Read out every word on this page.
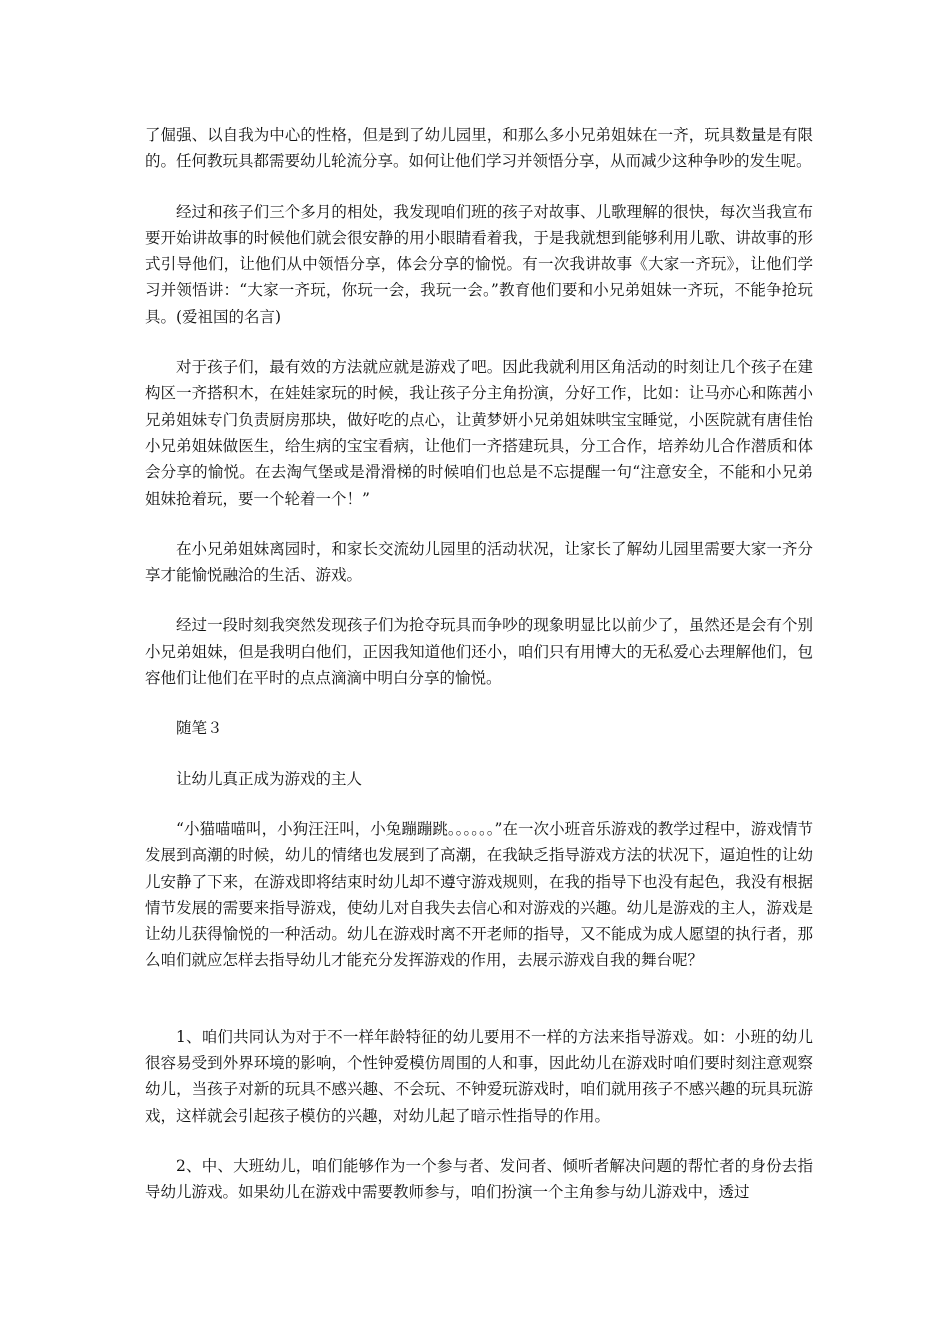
了倔强、以自我为中心的性格，但是到了幼儿园里，和那么多小兄弟姐妹在一齐，玩具数量是有限的。任何教玩具都需要幼儿轮流分享。如何让他们学习并领悟分享，从而减少这种争吵的发生呢。

经过和孩子们三个多月的相处，我发现咱们班的孩子对故事、儿歌理解的很快，每次当我宣布要开始讲故事的时候他们就会很安静的用小眼睛看着我，于是我就想到能够利用儿歌、讲故事的形式引导他们，让他们从中领悟分享，体会分享的愉悦。有一次我讲故事《大家一齐玩》，让他们学习并领悟讲：“大家一齐玩，你玩一会，我玩一会。”教育他们要和小兄弟姐妹一齐玩，不能争抢玩具。(爱祖国的名言)

对于孩子们，最有效的方法就应就是游戏了吧。因此我就利用区角活动的时刻让几个孩子在建构区一齐搭积木，在娃娃家玩的时候，我让孩子分主角扮演，分好工作，比如：让马亦心和陈茜小兄弟姐妹专门负责厨房那块，做好吃的点心，让黄梦妍小兄弟姐妹哄宝宝睡觉，小医院就有唐佳怡小兄弟姐妹做医生，给生病的宝宝看病，让他们一齐搭建玩具，分工合作，培养幼儿合作潜质和体会分享的愉悦。在去淘气堡或是滑滑梯的时候咱们也总是不忘提醒一句“注意安全，不能和小兄弟姐妹抢着玩，要一个轮着一个！”

在小兄弟姐妹离园时，和家长交流幼儿园里的活动状况，让家长了解幼儿园里需要大家一齐分享才能愉悦融洽的生活、游戏。

经过一段时刻我突然发现孩子们为抢夺玩具而争吵的现象明显比以前少了，虽然还是会有个别小兄弟姐妹，但是我明白他们，正因我知道他们还小，咱们只有用博大的无私爱心去理解他们，包容他们让他们在平时的点点滴滴中明白分享的愉悦。

随笔３

让幼儿真正成为游戏的主人

“小猫喵喵叫，小狗汪汪叫，小兔蹦蹦跳。。。。。。”在一次小班音乐游戏的教学过程中，游戏情节发展到高潮的时候，幼儿的情绪也发展到了高潮，在我缺乏指导游戏方法的状况下，逼迫性的让幼儿安静了下来，在游戏即将结束时幼儿却不遵守游戏规则，在我的指导下也没有起色，我没有根据情节发展的需要来指导游戏，使幼儿对自我失去信心和对游戏的兴趣。幼儿是游戏的主人，游戏是让幼儿获得愉悦的一种活动。幼儿在游戏时离不开老师的指导，又不能成为成人愿望的执行者，那么咱们就应怎样去指导幼儿才能充分发挥游戏的作用，去展示游戏自我的舞台呢？

1、咱们共同认为对于不一样年龄特征的幼儿要用不一样的方法来指导游戏。如：小班的幼儿很容易受到外界环境的影响，个性钟爱模仿周围的人和事，因此幼儿在游戏时咱们要时刻注意观察幼儿，当孩子对新的玩具不感兴趣、不会玩、不钟爱玩游戏时，咱们就用孩子不感兴趣的玩具玩游戏，这样就会引起孩子模仿的兴趣，对幼儿起了暗示性指导的作用。

2、中、大班幼儿，咱们能够作为一个参与者、发问者、倾听者解决问题的帮忙者的身份去指导幼儿游戏。如果幼儿在游戏中需要教师参与，咱们扮演一个主角参与幼儿游戏中，透过
